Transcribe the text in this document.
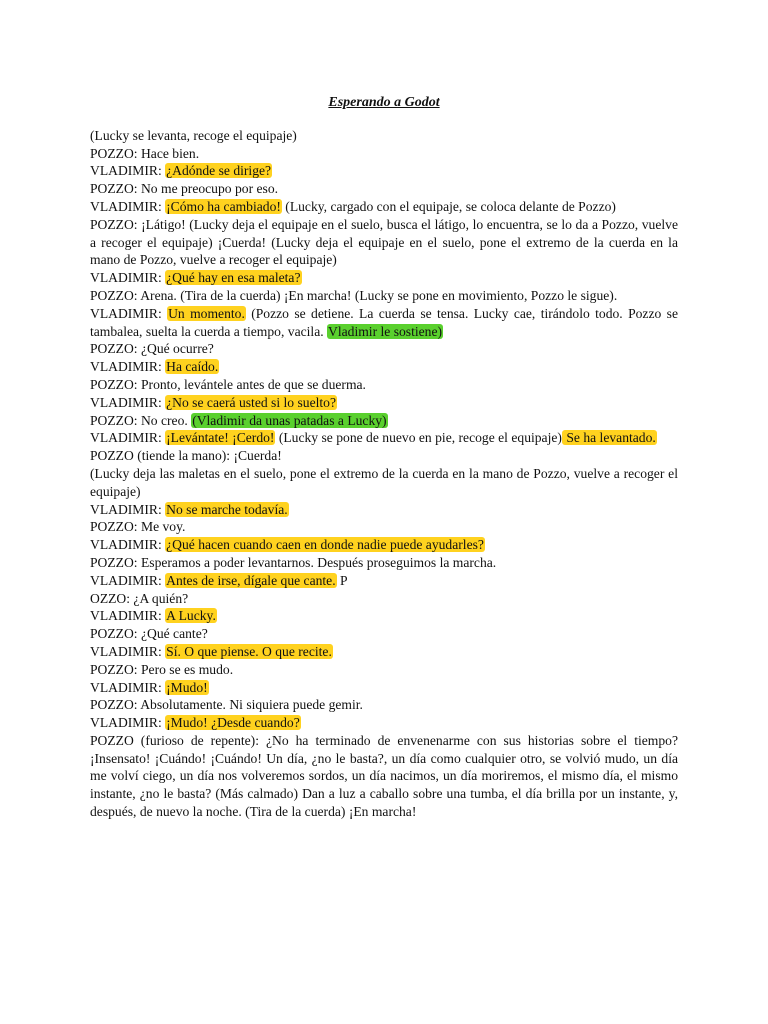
Esperando a Godot

(Lucky se levanta, recoge el equipaje)

POZZO: Hace bien.

VLADIMIR: ¿Adónde se dirige?

POZZO: No me preocupo por eso.

VLADIMIR: ¡Cómo ha cambiado! (Lucky, cargado con el equipaje, se coloca delante de Pozzo)

POZZO: ¡Látigo! (Lucky deja el equipaje en el suelo, busca el látigo, lo encuentra, se lo da a Pozzo, vuelve a recoger el equipaje) ¡Cuerda! (Lucky deja el equipaje en el suelo, pone el extremo de la cuerda en la mano de Pozzo, vuelve a recoger el equipaje)

VLADIMIR: ¿Qué hay en esa maleta?

POZZO: Arena. (Tira de la cuerda) ¡En marcha! (Lucky se pone en movimiento, Pozzo le sigue).

VLADIMIR: Un momento. (Pozzo se detiene. La cuerda se tensa. Lucky cae, tirándolo todo. Pozzo se tambalea, suelta la cuerda a tiempo, vacila. Vladimir le sostiene)

POZZO: ¿Qué ocurre?

VLADIMIR: Ha caído.

POZZO: Pronto, levántele antes de que se duerma.

VLADIMIR: ¿No se caerá usted si lo suelto?

POZZO: No creo. (Vladimir da unas patadas a Lucky)

VLADIMIR: ¡Levántate! ¡Cerdo! (Lucky se pone de nuevo en pie, recoge el equipaje) Se ha levantado.

POZZO (tiende la mano): ¡Cuerda!

(Lucky deja las maletas en el suelo, pone el extremo de la cuerda en la mano de Pozzo, vuelve a recoger el equipaje)

VLADIMIR: No se marche todavía.

POZZO: Me voy.

VLADIMIR: ¿Qué hacen cuando caen en donde nadie puede ayudarles?

POZZO: Esperamos a poder levantarnos. Después proseguimos la marcha.

VLADIMIR: Antes de irse, dígale que cante. P

OZZO: ¿A quién?

VLADIMIR: A Lucky.

POZZO: ¿Qué cante?

VLADIMIR: Sí. O que piense. O que recite.

POZZO: Pero se es mudo.

VLADIMIR: ¡Mudo!

POZZO: Absolutamente. Ni siquiera puede gemir.

VLADIMIR: ¡Mudo! ¿Desde cuando?

POZZO (furioso de repente): ¿No ha terminado de envenenarme con sus historias sobre el tiempo? ¡Insensato! ¡Cuándo! ¡Cuándo! Un día, ¿no le basta?, un día como cualquier otro, se volvió mudo, un día me volví ciego, un día nos volveremos sordos, un día nacimos, un día moriremos, el mismo día, el mismo instante, ¿no le basta? (Más calmado) Dan a luz a caballo sobre una tumba, el día brilla por un instante, y, después, de nuevo la noche. (Tira de la cuerda) ¡En marcha!
